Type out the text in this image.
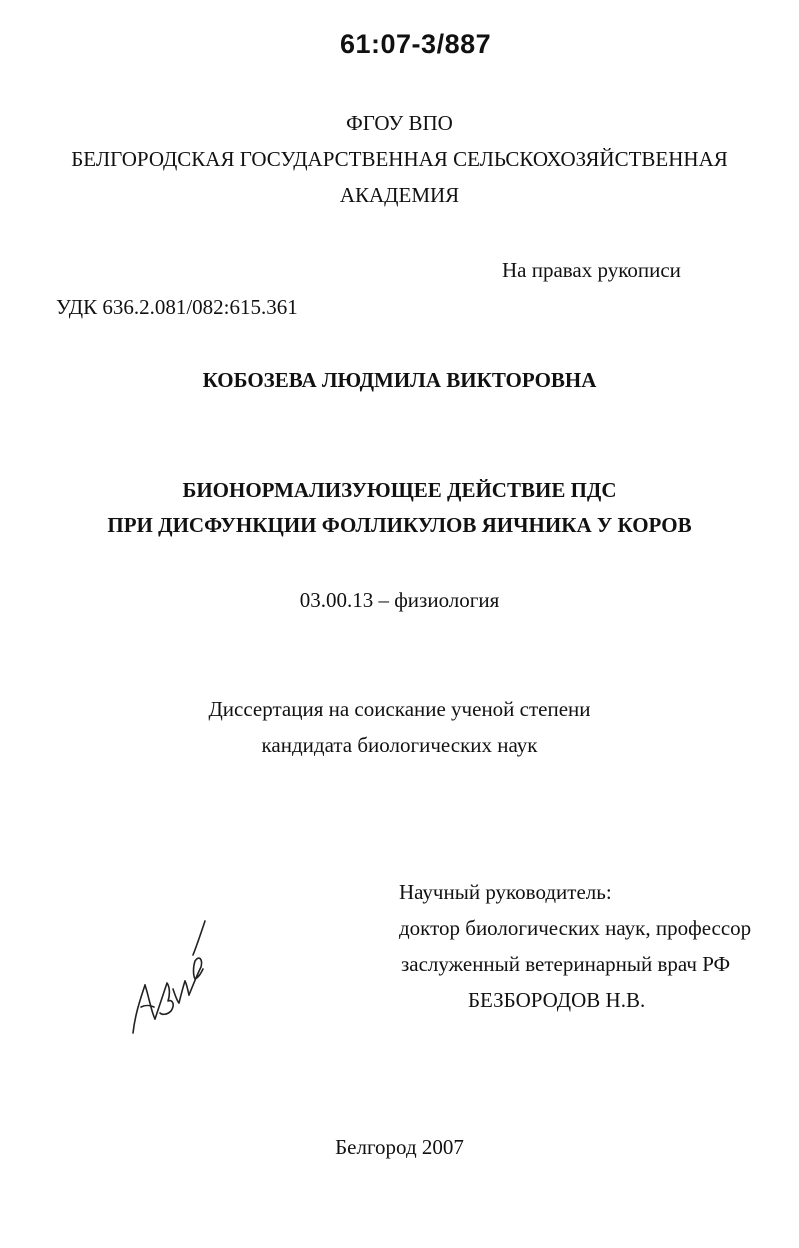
61:07-3/887
ФГОУ ВПО
БЕЛГОРОДСКАЯ ГОСУДАРСТВЕННАЯ СЕЛЬСКОХОЗЯЙСТВЕННАЯ
АКАДЕМИЯ
На правах рукописи
УДК 636.2.081/082:615.361
КОБОЗЕВА ЛЮДМИЛА ВИКТОРОВНА
БИОНОРМАЛИЗУЮЩЕЕ ДЕЙСТВИЕ ПДС
ПРИ ДИСФУНКЦИИ ФОЛЛИКУЛОВ ЯИЧНИКА У КОРОВ
03.00.13 – физиология
Диссертация на соискание ученой степени
кандидата биологических наук
Научный руководитель:
доктор биологических наук, профессор
заслуженный ветеринарный врач РФ
БЕЗБОРОДОВ Н.В.
Белгород 2007
